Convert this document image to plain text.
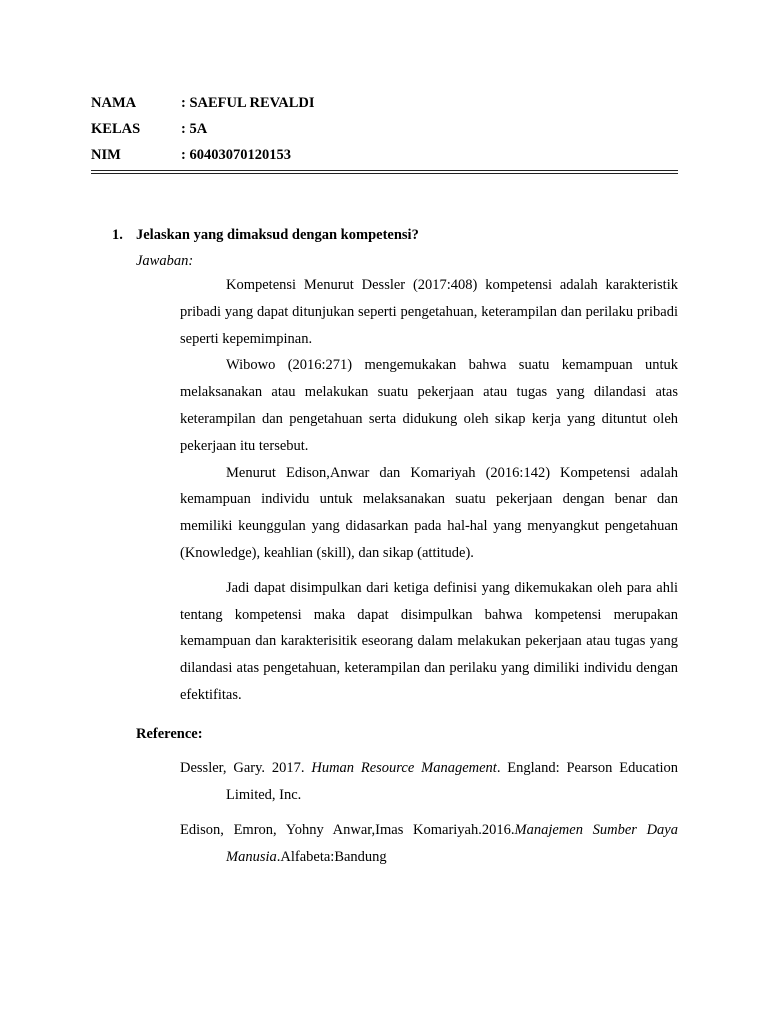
NAMA	: SAEFUL REVALDI
KELAS	: 5A
NIM	: 60403070120153
1. Jelaskan yang dimaksud dengan kompetensi?
Jawaban:

Kompetensi Menurut Dessler (2017:408) kompetensi adalah karakteristik pribadi yang dapat ditunjukan seperti pengetahuan, keterampilan dan perilaku pribadi seperti kepemimpinan.

Wibowo (2016:271) mengemukakan bahwa suatu kemampuan untuk melaksanakan atau melakukan suatu pekerjaan atau tugas yang dilandasi atas keterampilan dan pengetahuan serta didukung oleh sikap kerja yang dituntut oleh pekerjaan itu tersebut.

Menurut Edison,Anwar dan Komariyah (2016:142) Kompetensi adalah kemampuan individu untuk melaksanakan suatu pekerjaan dengan benar dan memiliki keunggulan yang didasarkan pada hal-hal yang menyangkut pengetahuan (Knowledge), keahlian (skill), dan sikap (attitude).

Jadi dapat disimpulkan dari ketiga definisi yang dikemukakan oleh para ahli tentang kompetensi maka dapat disimpulkan bahwa kompetensi merupakan kemampuan dan karakterisitik eseorang dalam melakukan pekerjaan atau tugas yang dilandasi atas pengetahuan, keterampilan dan perilaku yang dimiliki individu dengan efektifitas.

Reference:
Dessler, Gary. 2017. Human Resource Management. England: Pearson Education Limited, Inc.
Edison, Emron, Yohny Anwar,Imas Komariyah.2016.Manajemen Sumber Daya Manusia.Alfabeta:Bandung
